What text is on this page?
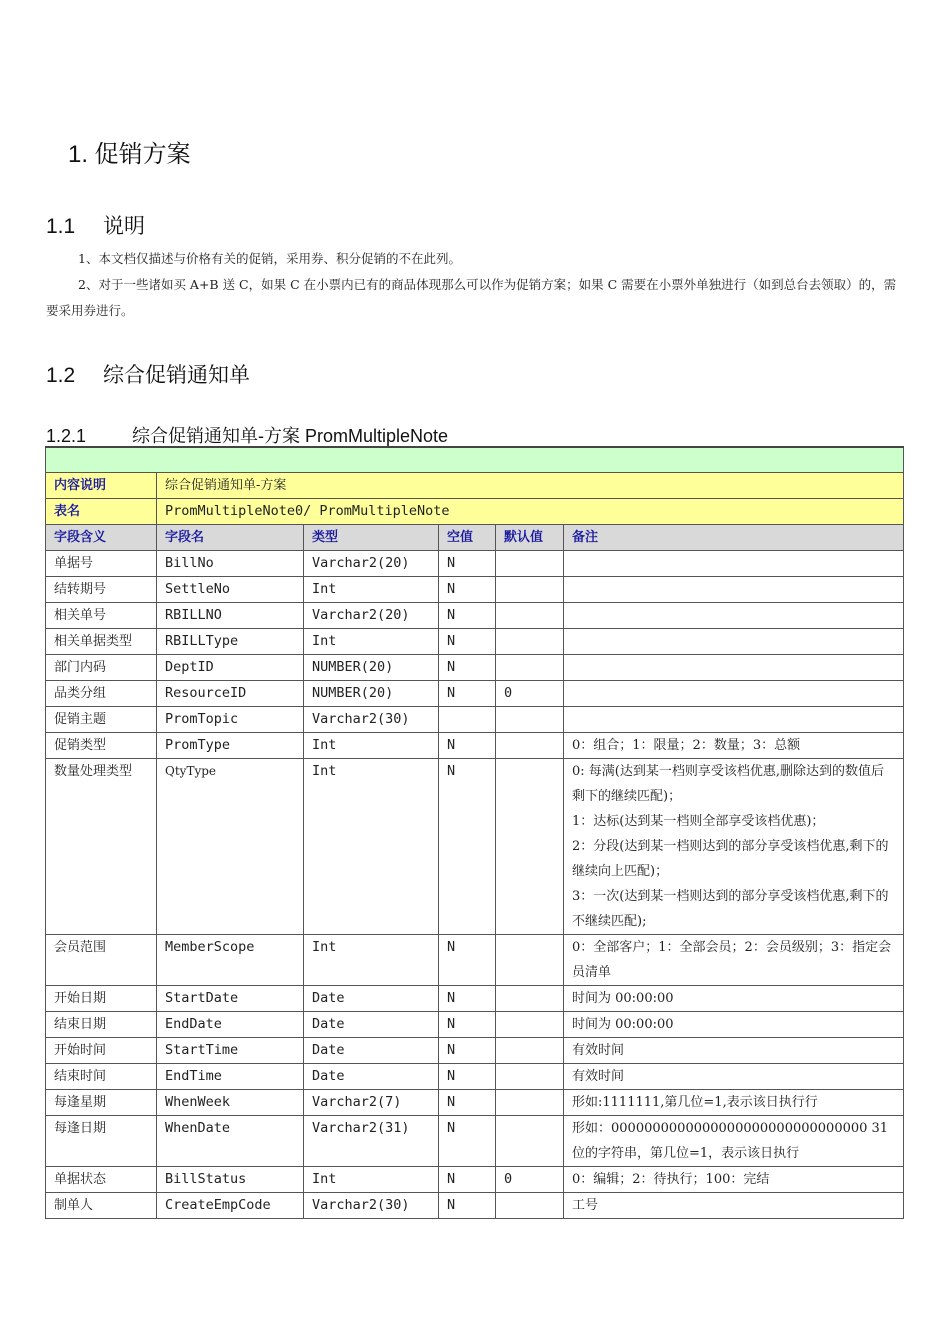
1. 促销方案
1.1 说明
1、本文档仅描述与价格有关的促销，采用券、积分促销的不在此列。
2、对于一些诸如买 A+B 送 C，如果 C 在小票内已有的商品体现那么可以作为促销方案；如果 C 需要在小票外单独进行（如到总台去领取）的，需要采用券进行。
1.2 综合促销通知单
1.2.1	综合促销通知单-方案 PromMultipleNote

内容说明	综合促销通知单-方案				
表名	PromMultipleNote0/ PromMultipleNote				
字段含义	字段名	类型	空值	默认值	备注
单据号	BillNo	Varchar2(20)	N		
结转期号	SettleNo	Int	N		
相关单号	RBILLNO	Varchar2(20)	N		
相关单据类型	RBILLType	Int	N		
部门内码	DeptID	NUMBER(20)	N		
品类分组	ResourceID	NUMBER(20)	N	0	
促销主题	PromTopic	Varchar2(30)			
促销类型	PromType	Int	N		0：组合；1：限量；2：数量；3：总额
数量处理类型	QtyType	Int	N		0: 每满(达到某一档则享受该档优惠,删除达到的数值后剩下的继续匹配)；
1：达标(达到某一档则全部享受该档优惠)；
2：分段(达到某一档则达到的部分享受该档优惠,剩下的继续向上匹配)；
3：一次(达到某一档则达到的部分享受该档优惠,剩下的不继续匹配);

会员范围	MemberScope	Int	N		0：全部客户；1：全部会员；2：会员级别；3：指定会员清单
开始日期	StartDate	Date	N		时间为 00:00:00
结束日期	EndDate	Date	N		时间为 00:00:00
开始时间	StartTime	Date	N		有效时间
结束时间	EndTime	Date	N		有效时间
每逢星期	WhenWeek	Varchar2(7)	N		形如:1111111,第几位=1,表示该日执行行
每逢日期	WhenDate	Varchar2(31)	N		形如：0000000000000000000000000000000 31 位的字符串，第几位=1，表示该日执行
单据状态	BillStatus	Int	N	0	0：编辑；2：待执行；100：完结
制单人	CreateEmpCode	Varchar2(30)	N		工号
